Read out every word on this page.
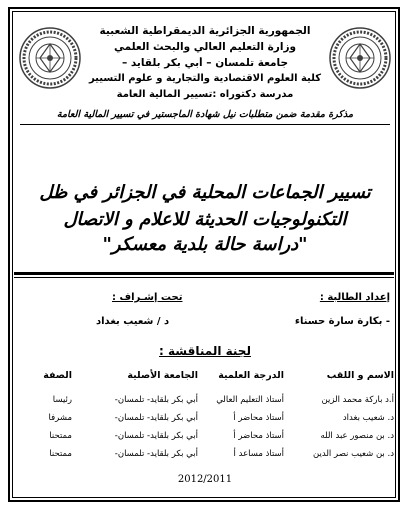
الجمهورية الجزائرية الديمقراطية الشعبية
وزارة التعليم العالي والبحث العلمي
جامعة تلمسان – أبي بكر بلقايد –
كلية العلوم الاقتصادية والتجارية و علوم التسيير
مدرسة دكتوراه :تسيير المالية العامة
مذكرة مقدمة ضمن متطلبات نيل شهادة الماجستير في تسيير المالية العامة
تسيير الجماعات المحلية في الجزائر في ظل
التكنولوجيات الحديثة للاعلام و الاتصال
"دراسة حالة بلدية معسكر"
إعداد الطالبة :
تحت إشـراف :
- بكارة سارة حسناء
د / شعيب بغداد
لجنة المناقشة :
الاسم و اللقب	الدرجة العلمية	الجامعة الأصلية	الصفة
أ.د باركة محمد الزين	أستاذ التعليم العالي	أبي بكر بلقايد- تلمسان-	رئيسا
د. شعيب بغداد	أستاذ محاضر أ	أبي بكر بلقايد- تلمسان-	مشرفا
د. بن منصور عبد الله	أستاذ محاضر أ	أبي بكر بلقايد- تلمسان-	ممتحنا
د. بن شعيب نصر الدين	أستاذ مساعد أ	أبي بكر بلقايد- تلمسان-	ممتحنا
2012/2011
